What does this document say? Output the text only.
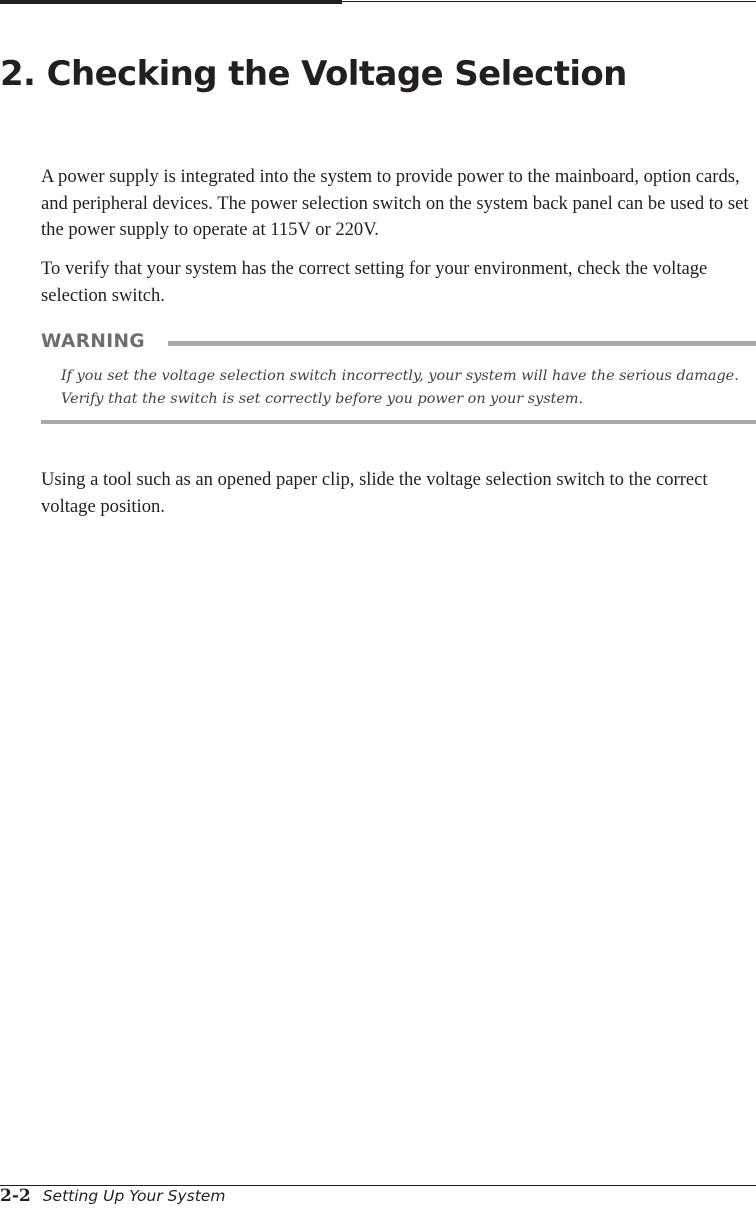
2. Checking the Voltage Selection

A power supply is integrated into the system to provide power to the mainboard, option cards, and peripheral devices. The power selection switch on the system back panel can be used to set the power supply to operate at 115V or 220V.

To verify that your system has the correct setting for your environment, check the voltage selection switch.

WARNING

If you set the voltage selection switch incorrectly, your system will have the serious damage. Verify that the switch is set correctly before you power on your system.

Using a tool such as an opened paper clip, slide the voltage selection switch to the correct voltage position.

2-2 Setting Up Your System
